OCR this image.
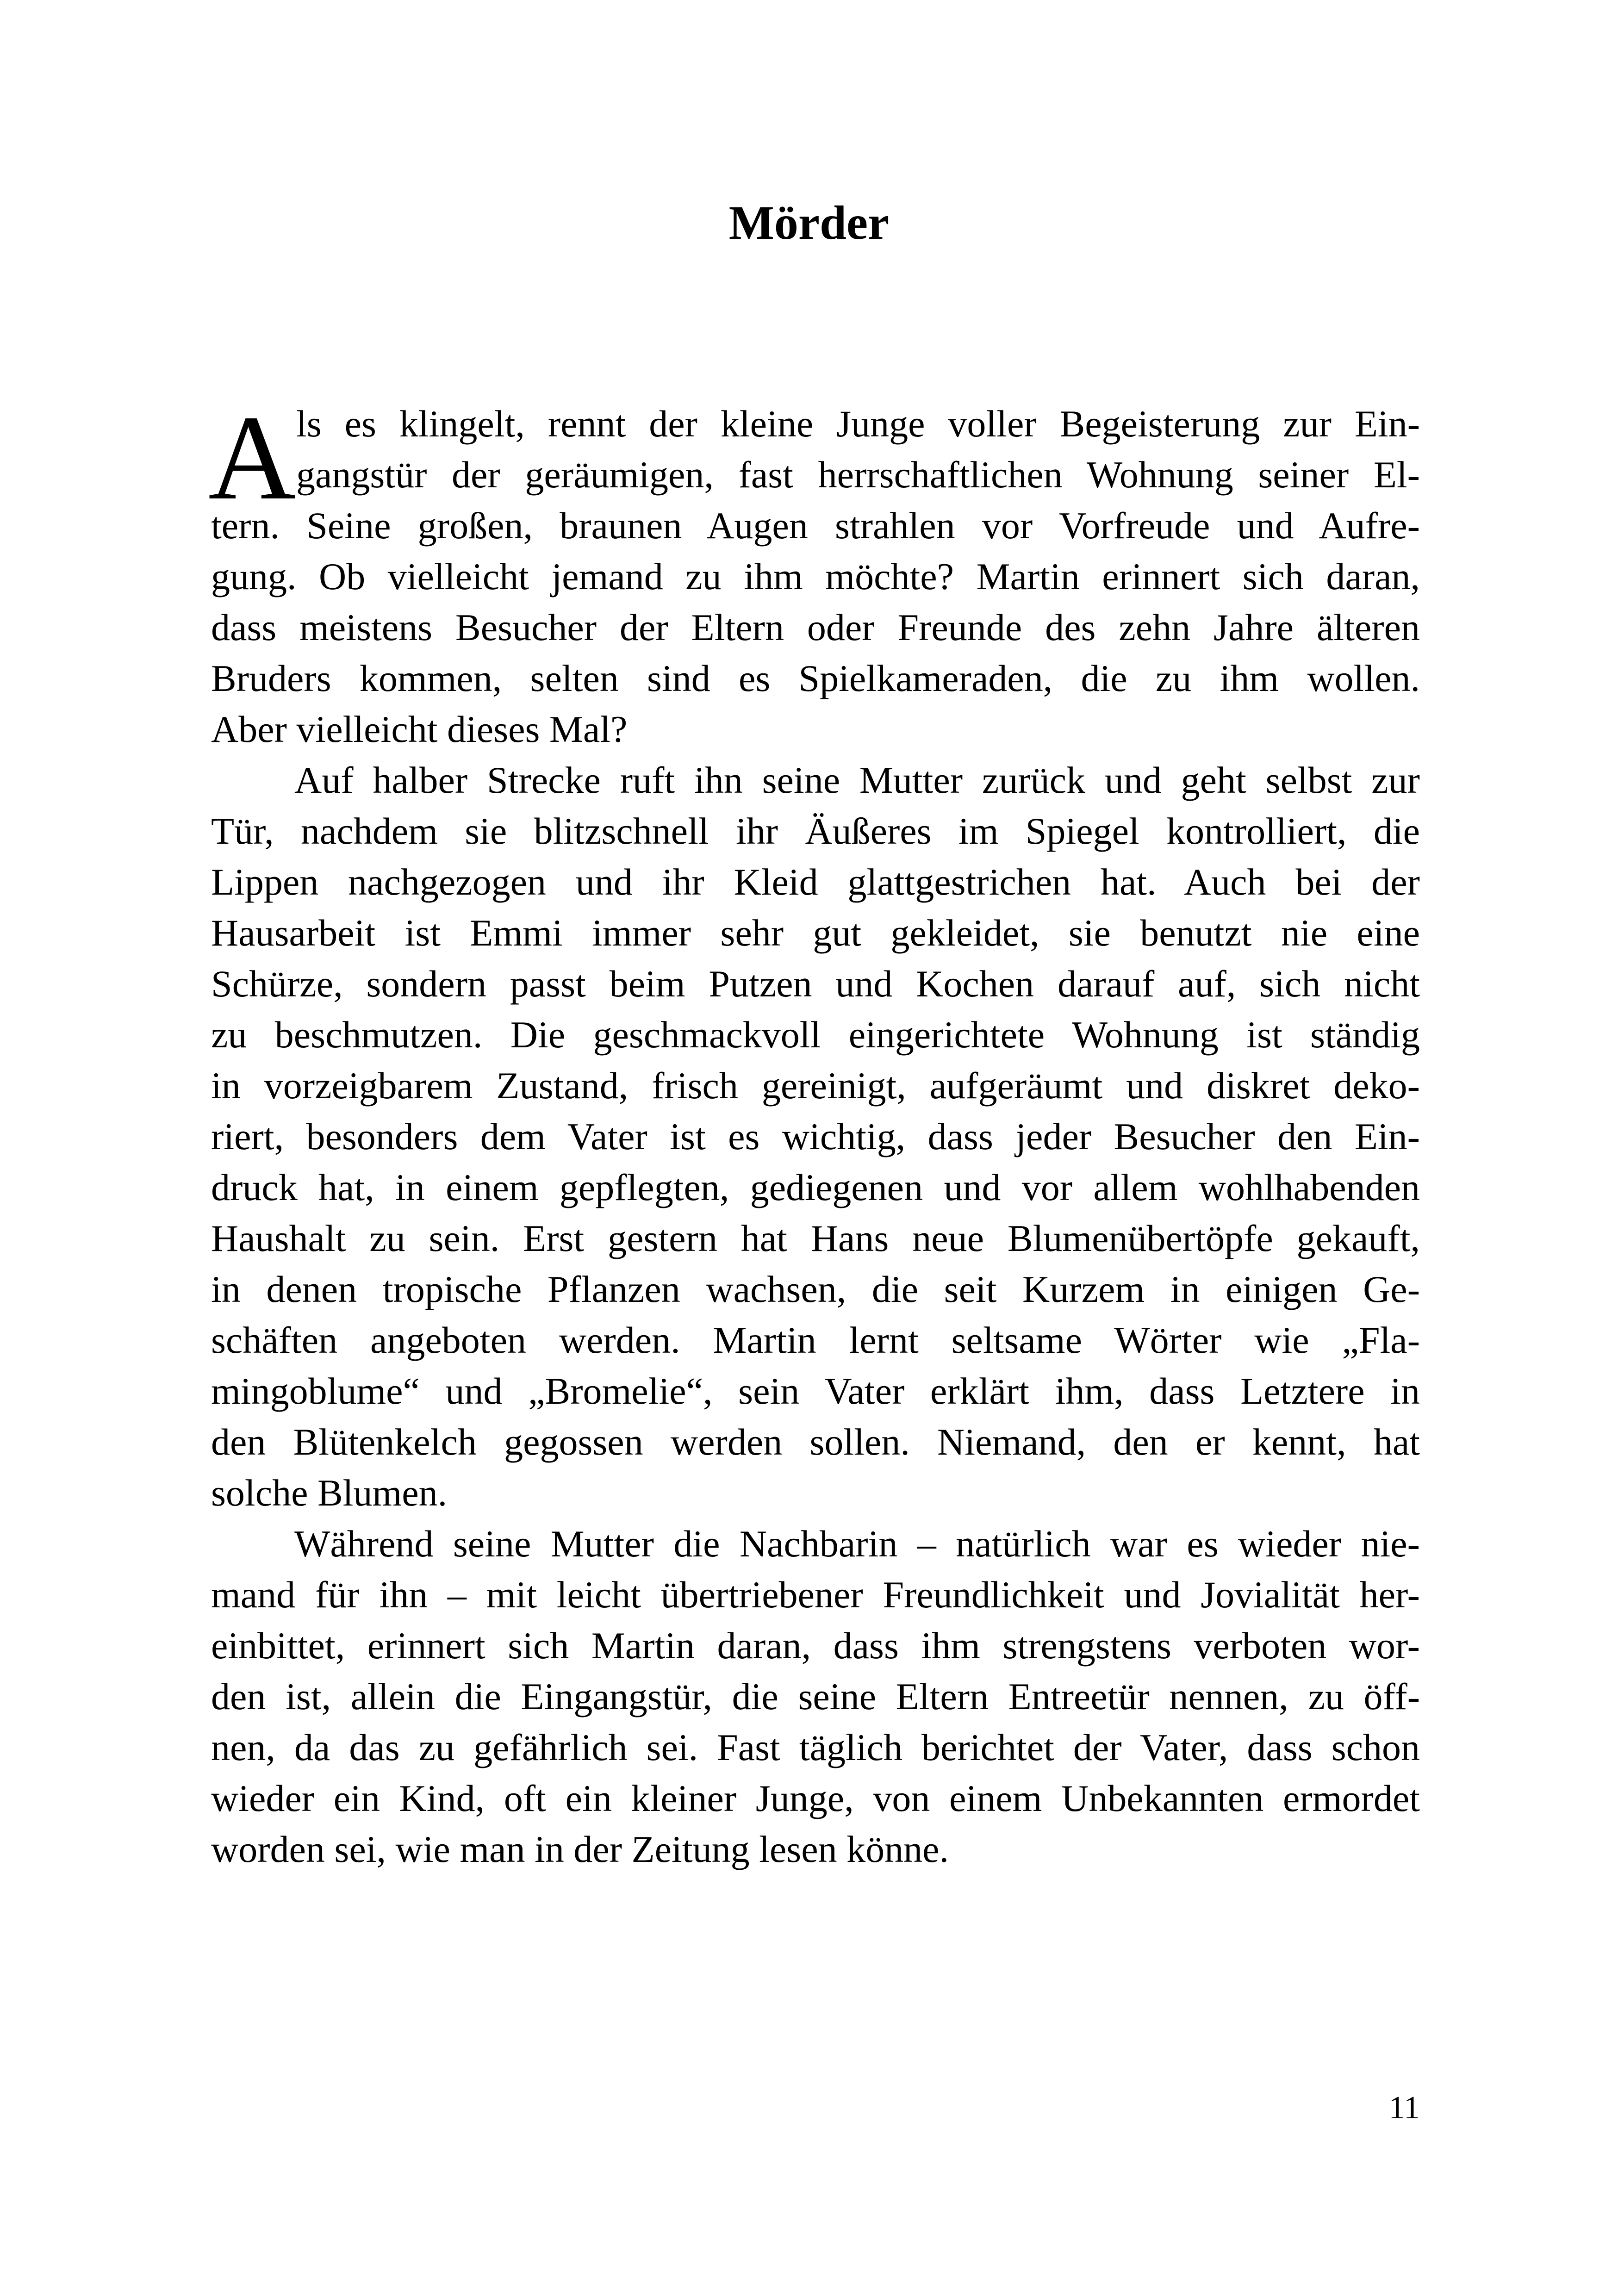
Mörder
A ls es klingelt, rennt der kleine Junge voller Begeisterung zur Ein-
gangstür der geräumigen, fast herrschaftlichen Wohnung seiner El-
tern. Seine großen, braunen Augen strahlen vor Vorfreude und Aufre-
gung. Ob vielleicht jemand zu ihm möchte? Martin erinnert sich daran,
dass meistens Besucher der Eltern oder Freunde des zehn Jahre älteren
Bruders kommen, selten sind es Spielkameraden, die zu ihm wollen.
Aber vielleicht dieses Mal?
Auf halber Strecke ruft ihn seine Mutter zurück und geht selbst zur
Tür, nachdem sie blitzschnell ihr Äußeres im Spiegel kontrolliert, die
Lippen nachgezogen und ihr Kleid glattgestrichen hat. Auch bei der
Hausarbeit ist Emmi immer sehr gut gekleidet, sie benutzt nie eine
Schürze, sondern passt beim Putzen und Kochen darauf auf, sich nicht
zu beschmutzen. Die geschmackvoll eingerichtete Wohnung ist ständig
in vorzeigbarem Zustand, frisch gereinigt, aufgeräumt und diskret deko-
riert, besonders dem Vater ist es wichtig, dass jeder Besucher den Ein-
druck hat, in einem gepflegten, gediegenen und vor allem wohlhabenden
Haushalt zu sein. Erst gestern hat Hans neue Blumenübertöpfe gekauft,
in denen tropische Pflanzen wachsen, die seit Kurzem in einigen Ge-
schäften angeboten werden. Martin lernt seltsame Wörter wie „Fla-
mingoblume“ und „Bromelie“, sein Vater erklärt ihm, dass Letztere in
den Blütenkelch gegossen werden sollen. Niemand, den er kennt, hat
solche Blumen.
Während seine Mutter die Nachbarin – natürlich war es wieder nie-
mand für ihn – mit leicht übertriebener Freundlichkeit und Jovialität her-
einbittet, erinnert sich Martin daran, dass ihm strengstens verboten wor-
den ist, allein die Eingangstür, die seine Eltern Entreetür nennen, zu öff-
nen, da das zu gefährlich sei. Fast täglich berichtet der Vater, dass schon
wieder ein Kind, oft ein kleiner Junge, von einem Unbekannten ermordet
worden sei, wie man in der Zeitung lesen könne.
11
